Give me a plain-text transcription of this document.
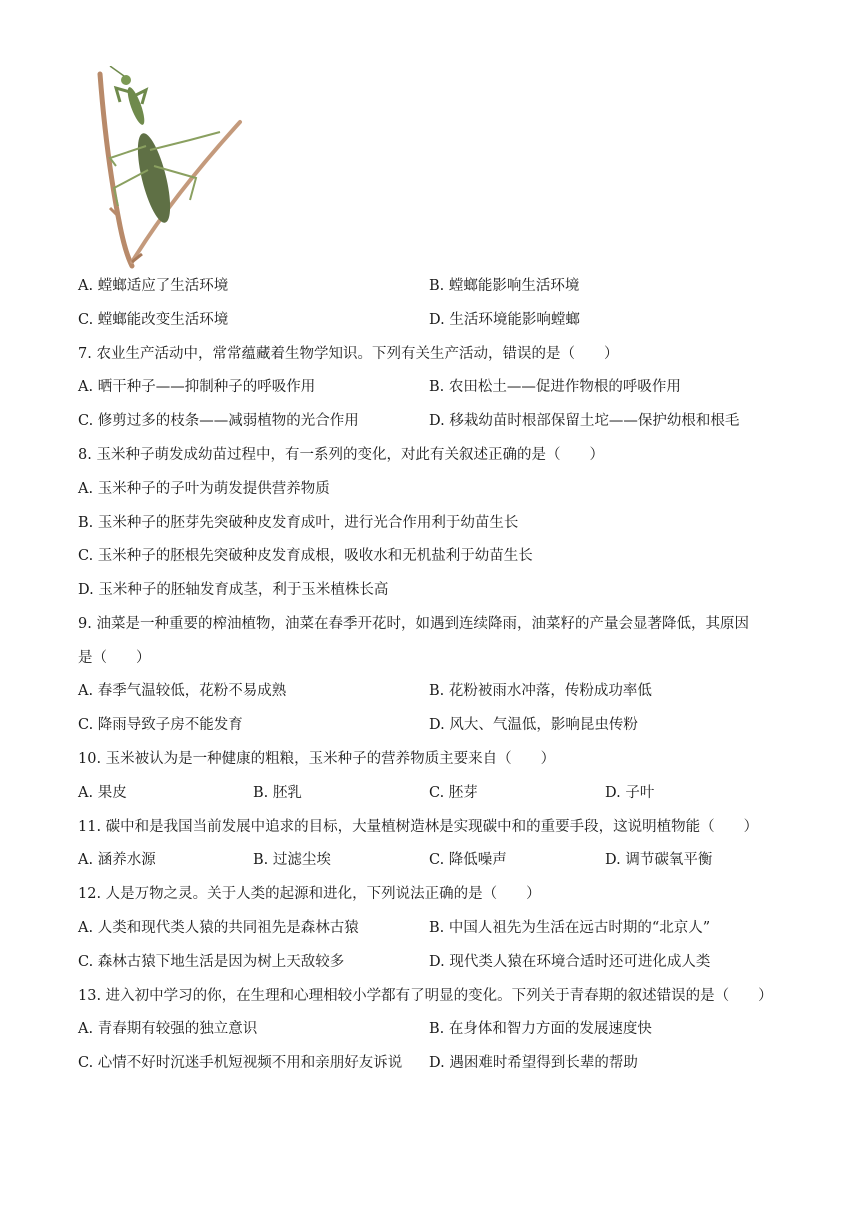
A. 螳螂适应了生活环境	B. 螳螂能影响生活环境
C. 螳螂能改变生活环境	D. 生活环境能影响螳螂
7. 农业生产活动中，常常蕴藏着生物学知识。下列有关生产活动，错误的是（　　）
A. 晒干种子——抑制种子的呼吸作用	B. 农田松土——促进作物根的呼吸作用
C. 修剪过多的枝条——减弱植物的光合作用	D. 移栽幼苗时根部保留土坨——保护幼根和根毛
8. 玉米种子萌发成幼苗过程中，有一系列的变化，对此有关叙述正确的是（　　）
A. 玉米种子的子叶为萌发提供营养物质
B. 玉米种子的胚芽先突破种皮发育成叶，进行光合作用利于幼苗生长
C. 玉米种子的胚根先突破种皮发育成根，吸收水和无机盐利于幼苗生长
D. 玉米种子的胚轴发育成茎，利于玉米植株长高
9. 油菜是一种重要的榨油植物，油菜在春季开花时，如遇到连续降雨，油菜籽的产量会显著降低，其原因
是（　　）
A. 春季气温较低，花粉不易成熟	B. 花粉被雨水冲落，传粉成功率低
C. 降雨导致子房不能发育	D. 风大、气温低，影响昆虫传粉
10. 玉米被认为是一种健康的粗粮，玉米种子的营养物质主要来自（　　）
A. 果皮	B. 胚乳	C. 胚芽	D. 子叶
11. 碳中和是我国当前发展中追求的目标，大量植树造林是实现碳中和的重要手段，这说明植物能（　　）
A. 涵养水源	B. 过滤尘埃	C. 降低噪声	D. 调节碳氧平衡
12. 人是万物之灵。关于人类的起源和进化，下列说法正确的是（　　）
A. 人类和现代类人猿的共同祖先是森林古猿	B. 中国人祖先为生活在远古时期的“北京人”
C. 森林古猿下地生活是因为树上天敌较多	D. 现代类人猿在环境合适时还可进化成人类
13. 进入初中学习的你，在生理和心理相较小学都有了明显的变化。下列关于青春期的叙述错误的是（　　）
A. 青春期有较强的独立意识	B. 在身体和智力方面的发展速度快
C. 心情不好时沉迷手机短视频不用和亲朋好友诉说 D. 遇困难时希望得到长辈的帮助
